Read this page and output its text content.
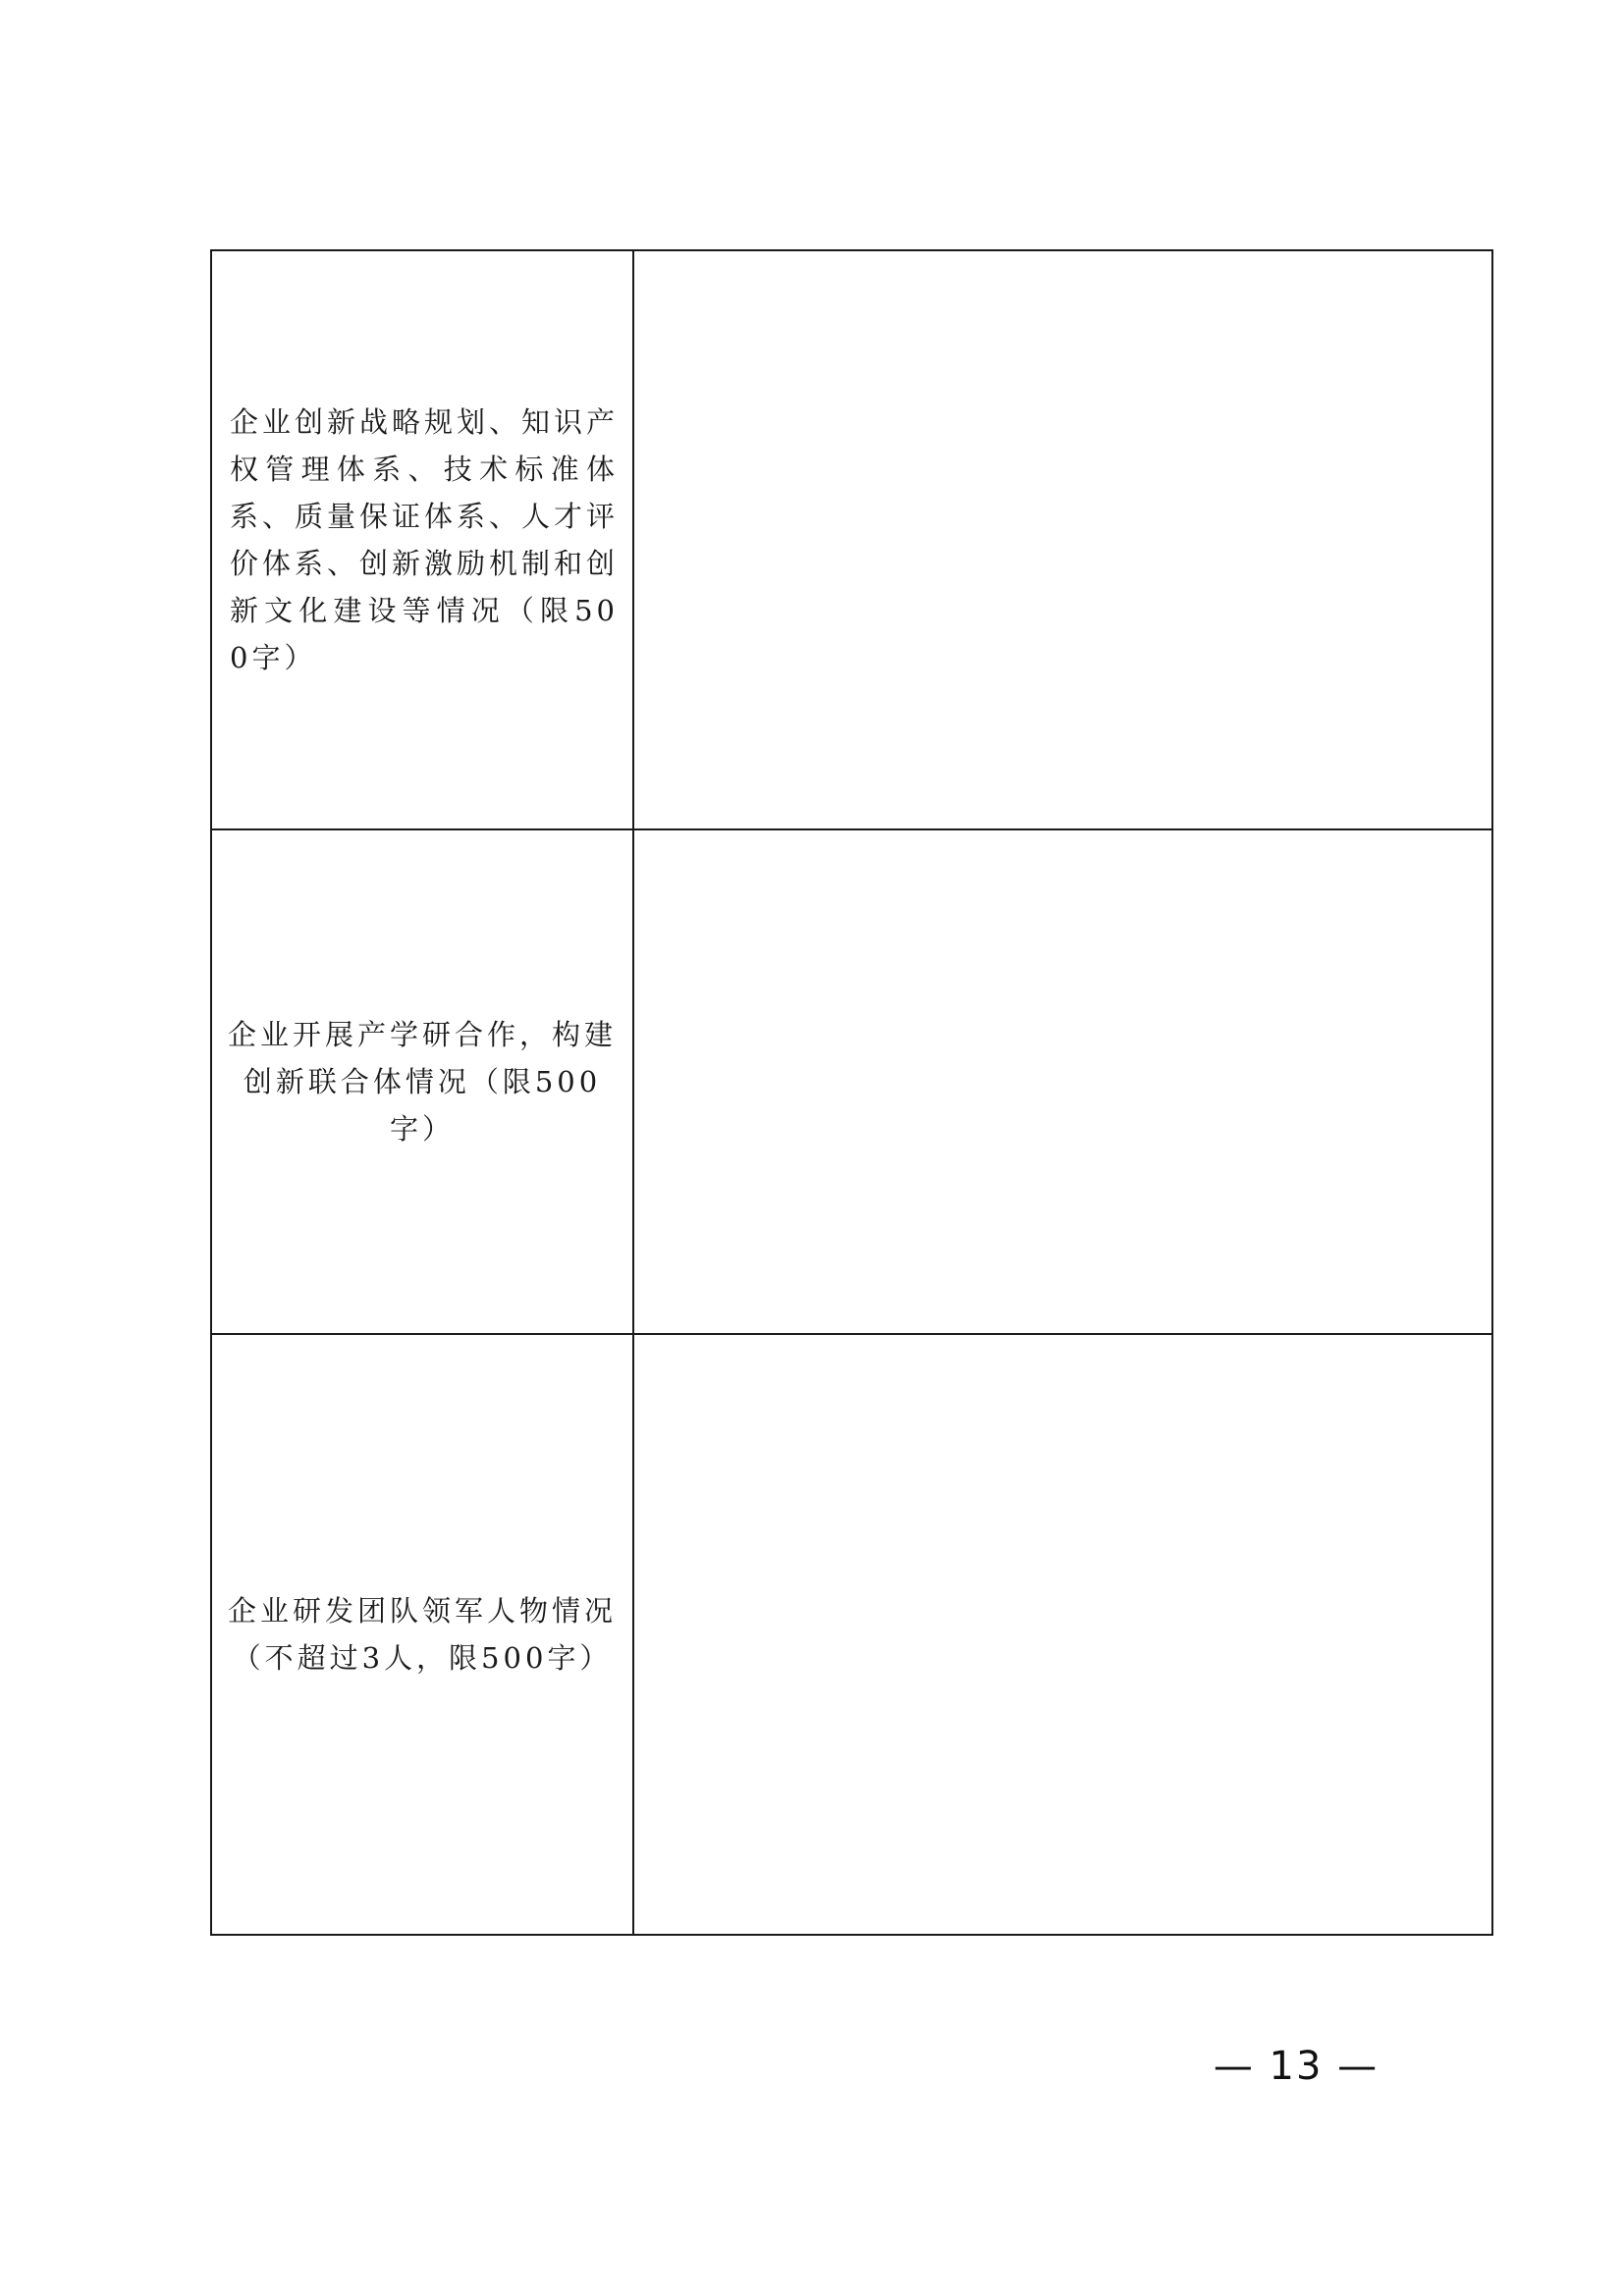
企业创新战略规划、知识产权管理体系、技术标准体系、质量保证体系、人才评价体系、创新激励机制和创新文化建设等情况（限500字）	

企业开展产学研合作，构建创新联合体情况（限500字）	

企业研发团队领军人物情况（不超过3人，限500字）	

— 13 —
